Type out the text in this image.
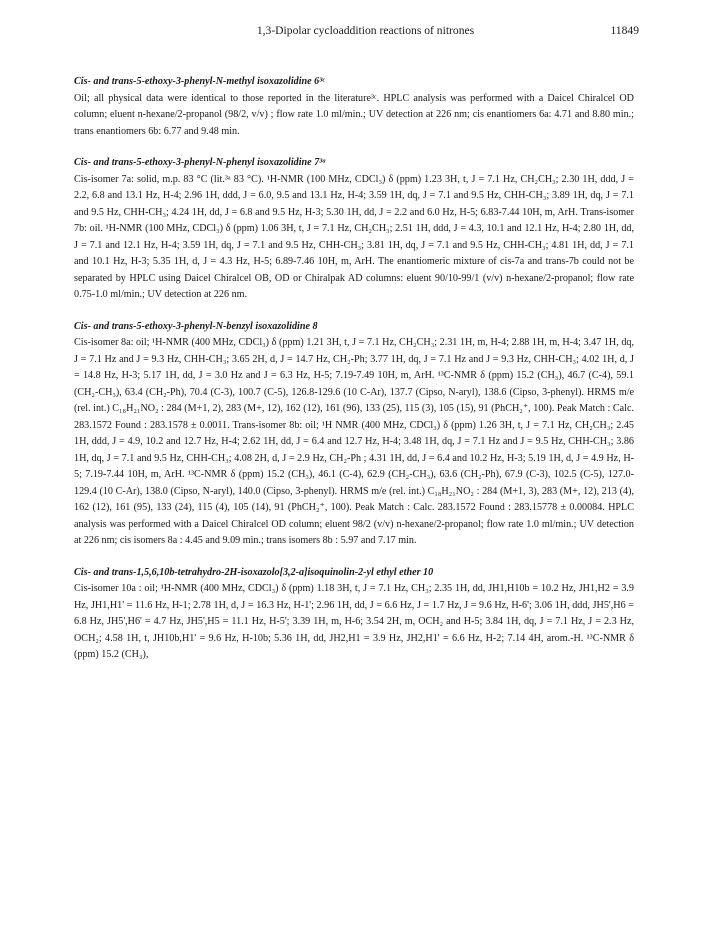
1,3-Dipolar cycloaddition reactions of nitrones	11849
Cis- and trans-5-ethoxy-3-phenyl-N-methyl isoxazolidine 6³ᶜ
Oil; all physical data were identical to those reported in the literature³ᶜ. HPLC analysis was performed with a Daicel Chiralcel OD column; eluent n-hexane/2-propanol (98/2, v/v) ; flow rate 1.0 ml/min.; UV detection at 226 nm; cis enantiomers 6a: 4.71 and 8.80 min.; trans enantiomers 6b: 6.77 and 9.48 min.
Cis- and trans-5-ethoxy-3-phenyl-N-phenyl isoxazolidine 7³ᵃ
Cis-isomer 7a: solid, m.p. 83 °C (lit.³ᵃ 83 °C). ¹H-NMR (100 MHz, CDCl₃) δ (ppm) 1.23 3H, t, J = 7.1 Hz, CH₂CH₃; 2.30 1H, ddd, J = 2.2, 6.8 and 13.1 Hz, H-4; 2.96 1H, ddd, J = 6.0, 9.5 and 13.1 Hz, H-4; 3.59 1H, dq, J = 7.1 and 9.5 Hz, CHH-CH₃; 3.89 1H, dq, J = 7.1 and 9.5 Hz, CHH-CH₃; 4.24 1H, dd, J = 6.8 and 9.5 Hz, H-3; 5.30 1H, dd, J = 2.2 and 6.0 Hz, H-5; 6.83-7.44 10H, m, ArH. Trans-isomer 7b: oil. ¹H-NMR (100 MHz, CDCl₃) δ (ppm) 1.06 3H, t, J = 7.1 Hz, CH₂CH₃; 2.51 1H, ddd, J = 4.3, 10.1 and 12.1 Hz, H-4; 2.80 1H, dd, J = 7.1 and 12.1 Hz, H-4; 3.59 1H, dq, J = 7.1 and 9.5 Hz, CHH-CH₃; 3.81 1H, dq, J = 7.1 and 9.5 Hz, CHH-CH₃; 4.81 1H, dd, J = 7.1 and 10.1 Hz, H-3; 5.35 1H, d, J = 4.3 Hz, H-5; 6.89-7.46 10H, m, ArH. The enantiomeric mixture of cis-7a and trans-7b could not be separated by HPLC using Daicel Chiralcel OB, OD or Chiralpak AD columns: eluent 90/10-99/1 (v/v) n-hexane/2-propanol; flow rate 0.75-1.0 ml/min.; UV detection at 226 nm.
Cis- and trans-5-ethoxy-3-phenyl-N-benzyl isoxazolidine 8
Cis-isomer 8a: oil; ¹H-NMR (400 MHz, CDCl₃) δ (ppm) 1.21 3H, t, J = 7.1 Hz, CH₂CH₃; 2.31 1H, m, H-4; 2.88 1H, m, H-4; 3.47 1H, dq, J = 7.1 Hz and J = 9.3 Hz, CHH-CH₃; 3.65 2H, d, J = 14.7 Hz, CH₂-Ph; 3.77 1H, dq, J = 7.1 Hz and J = 9.3 Hz, CHH-CH₃; 4.02 1H, d, J = 14.8 Hz, H-3; 5.17 1H, dd, J = 3.0 Hz and J = 6.3 Hz, H-5; 7.19-7.49 10H, m, ArH. ¹³C-NMR δ (ppm) 15.2 (CH₃), 46.7 (C-4), 59.1 (CH₂-CH₃), 63.4 (CH₂-Ph), 70.4 (C-3), 100.7 (C-5), 126.8-129.6 (10 C-Ar), 137.7 (Cipso, N-aryl), 138.6 (Cipso, 3-phenyl). HRMS m/e (rel. int.) C₁₈H₂₁NO₂ : 284 (M+1, 2), 283 (M+, 12), 162 (12), 161 (96), 133 (25), 115 (3), 105 (15), 91 (PhCH₂⁺, 100). Peak Match : Calc. 283.1572 Found : 283.1578 ± 0.0011. Trans-isomer 8b: oil; ¹H NMR (400 MHz, CDCl₃) δ (ppm) 1.26 3H, t, J = 7.1 Hz, CH₂CH₃; 2.45 1H, ddd, J = 4.9, 10.2 and 12.7 Hz, H-4; 2.62 1H, dd, J = 6.4 and 12.7 Hz, H-4; 3.48 1H, dq, J = 7.1 Hz and J = 9.5 Hz, CHH-CH₃; 3.86 1H, dq, J = 7.1 and 9.5 Hz, CHH-CH₃; 4.08 2H, d, J = 2.9 Hz, CH₂-Ph ; 4.31 1H, dd, J = 6.4 and 10.2 Hz, H-3; 5.19 1H, d, J = 4.9 Hz, H-5; 7.19-7.44 10H, m, ArH. ¹³C-NMR δ (ppm) 15.2 (CH₃), 46.1 (C-4), 62.9 (CH₂-CH₃), 63.6 (CH₂-Ph), 67.9 (C-3), 102.5 (C-5), 127.0-129.4 (10 C-Ar), 138.0 (Cipso, N-aryl), 140.0 (Cipso, 3-phenyl). HRMS m/e (rel. int.) C₁₈H₂₁NO₂ : 284 (M+1, 3), 283 (M+, 12), 213 (4), 162 (12), 161 (95), 133 (24), 115 (4), 105 (14), 91 (PhCH₂⁺, 100). Peak Match : Calc. 283.1572 Found : 283.15778 ± 0.00084. HPLC analysis was performed with a Daicel Chiralcel OD column; eluent 98/2 (v/v) n-hexane/2-propanol; flow rate 1.0 ml/min.; UV detection at 226 nm; cis isomers 8a : 4.45 and 9.09 min.; trans isomers 8b : 5.97 and 7.17 min.
Cis- and trans-1,5,6,10b-tetrahydro-2H-isoxazolo[3,2-a]isoquinolin-2-yl ethyl ether 10
Cis-isomer 10a : oil; ¹H-NMR (400 MHz, CDCl₃) δ (ppm) 1.18 3H, t, J = 7.1 Hz, CH₃; 2.35 1H, dd, JH1,H10b = 10.2 Hz, JH1,H2 = 3.9 Hz, JH1,H1' = 11.6 Hz, H-1; 2.78 1H, d, J = 16.3 Hz, H-1'; 2.96 1H, dd, J = 6.6 Hz, J = 1.7 Hz, J = 9.6 Hz, H-6'; 3.06 1H, ddd, JH5',H6 = 6.8 Hz, JH5',H6' = 4.7 Hz, JH5',H5 = 11.1 Hz, H-5'; 3.39 1H, m, H-6; 3.54 2H, m, OCH₂ and H-5; 3.84 1H, dq, J = 7.1 Hz, J = 2.3 Hz, OCH₂; 4.58 1H, t, JH10b,H1' = 9.6 Hz, H-10b; 5.36 1H, dd, JH2,H1 = 3.9 Hz, JH2,H1' = 6.6 Hz, H-2; 7.14 4H, arom.-H. ¹³C-NMR δ (ppm) 15.2 (CH₃),
